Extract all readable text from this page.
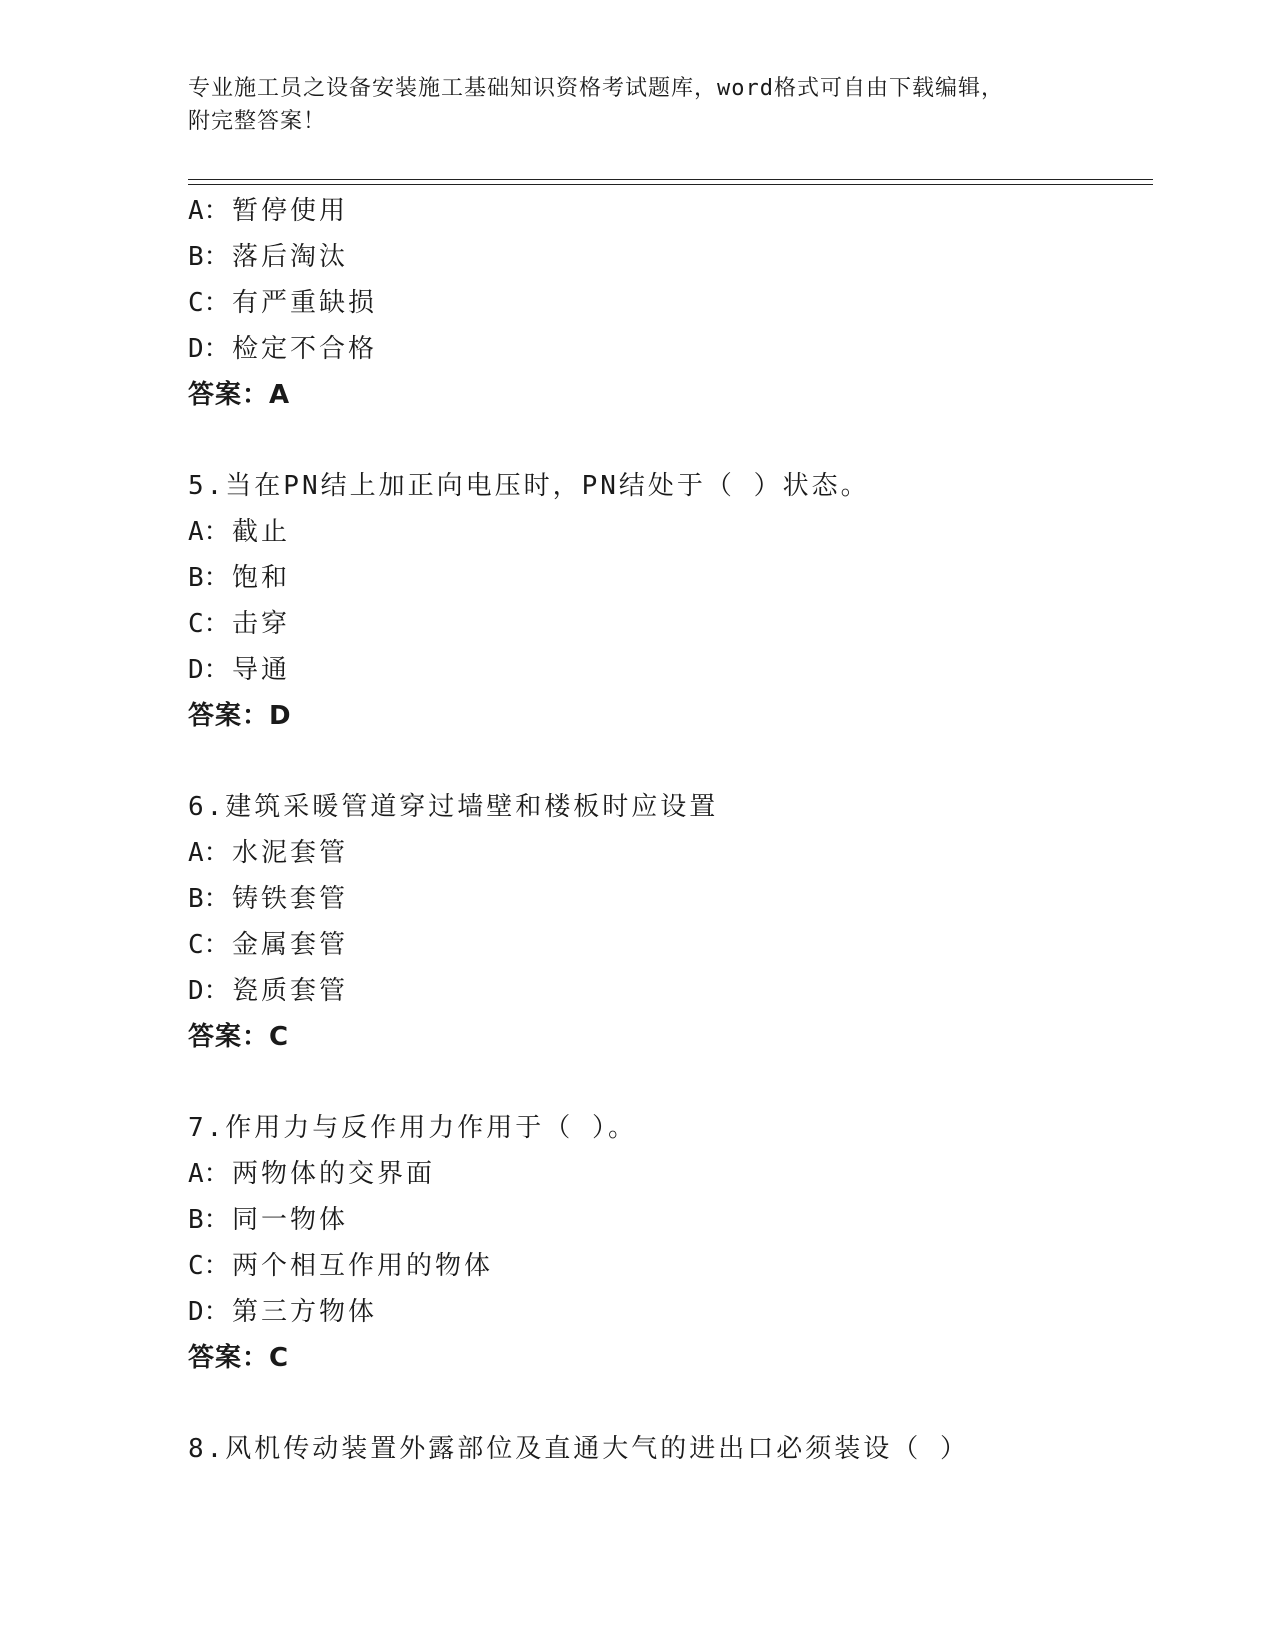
专业施工员之设备安装施工基础知识资格考试题库，word格式可自由下载编辑，
附完整答案！
A：暂停使用
B：落后淘汰
C：有严重缺损
D：检定不合格
答案：A
5.当在PN结上加正向电压时，PN结处于（ ）状态。
A：截止
B：饱和
C：击穿
D：导通
答案：D
6.建筑采暖管道穿过墙壁和楼板时应设置
A：水泥套管
B：铸铁套管
C：金属套管
D：瓷质套管
答案：C
7.作用力与反作用力作用于（ ）。
A：两物体的交界面
B：同一物体
C：两个相互作用的物体
D：第三方物体
答案：C
8.风机传动装置外露部位及直通大气的进出口必须装设（ ）
